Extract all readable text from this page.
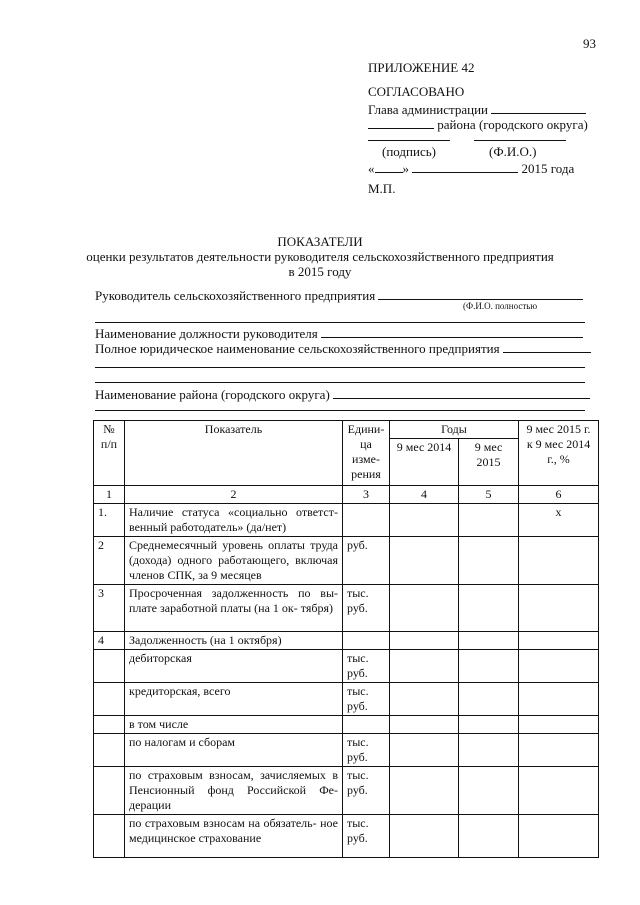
93
ПРИЛОЖЕНИЕ 42
СОГЛАСОВАНО
Глава администрации
района (городского округа)
(подпись)	(Ф.И.О.)
« »	2015 года
М.П.
ПОКАЗАТЕЛИ
оценки результатов деятельности руководителя сельскохозяйственного предприятия
в 2015 году
Руководитель сельскохозяйственного предприятия
(Ф.И.О. полностью
Наименование должности руководителя
Полное юридическое наименование сельскохозяйственного предприятия
Наименование района (городского округа)
№ п/п	Показатель	Едини- ца изме- рения	Годы		9 мес 2015 г. к 9 мес 2014 г., %
			9 мес 2014	9 мес 2015	
1	2	3	4	5	6
1.	Наличие статуса «социально ответст- венный работодатель» (да/нет)				х
2	Среднемесячный уровень оплаты труда (дохода) одного работающего, включая членов СПК, за 9 месяцев	руб.			
3	Просроченная задолженность по вы- плате заработной платы (на 1 ок- тября)	тыс. руб.			
4	Задолженность (на 1 октября)				
	дебиторская	тыс. руб.			
	кредиторская, всего	тыс. руб.			
	в том числе				
	по налогам и сборам	тыс. руб.			
	по страховым взносам, зачисляемых в Пенсионный фонд Российской Фе- дерации	тыс. руб.			
	по страховым взносам на обязатель- ное медицинское страхование	тыс. руб.			
